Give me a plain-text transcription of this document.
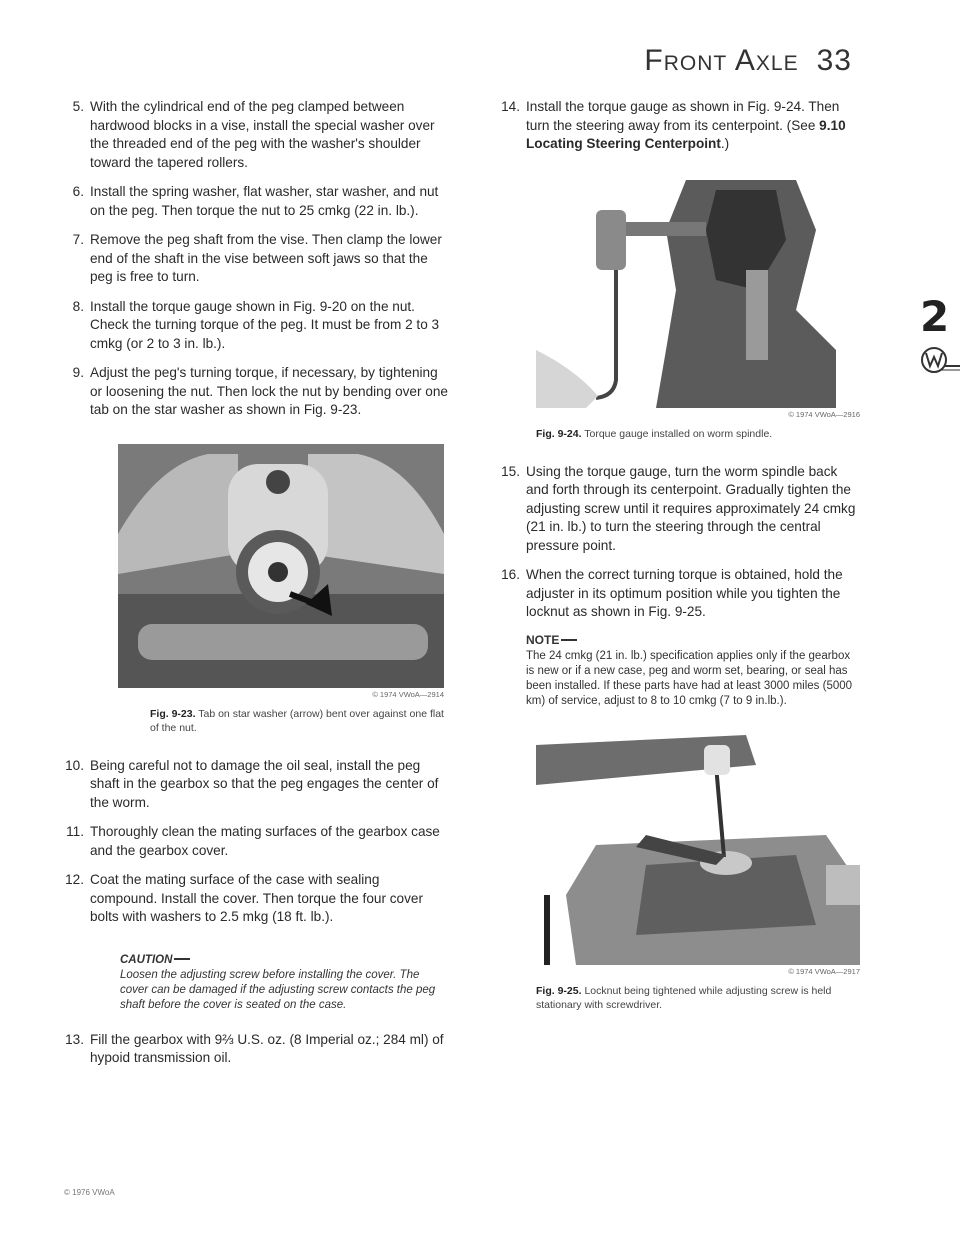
Front Axle 33
5. With the cylindrical end of the peg clamped between hardwood blocks in a vise, install the special washer over the threaded end of the peg with the washer's shoulder toward the tapered rollers.
6. Install the spring washer, flat washer, star washer, and nut on the peg. Then torque the nut to 25 cmkg (22 in. lb.).
7. Remove the peg shaft from the vise. Then clamp the lower end of the shaft in the vise between soft jaws so that the peg is free to turn.
8. Install the torque gauge shown in Fig. 9-20 on the nut. Check the turning torque of the peg. It must be from 2 to 3 cmkg (or 2 to 3 in. lb.).
9. Adjust the peg's turning torque, if necessary, by tightening or loosening the nut. Then lock the nut by bending over one tab on the star washer as shown in Fig. 9-23.
© 1974 VWoA—2914
Fig. 9-23. Tab on star washer (arrow) bent over against one flat of the nut.
10. Being careful not to damage the oil seal, install the peg shaft in the gearbox so that the peg engages the center of the worm.
11. Thoroughly clean the mating surfaces of the gearbox case and the gearbox cover.
12. Coat the mating surface of the case with sealing compound. Install the cover. Then torque the four cover bolts with washers to 2.5 mkg (18 ft. lb.).
CAUTION
Loosen the adjusting screw before installing the cover. The cover can be damaged if the adjusting screw contacts the peg shaft before the cover is seated on the case.
13. Fill the gearbox with 9⅔ U.S. oz. (8 Imperial oz.; 284 ml) of hypoid transmission oil.
14. Install the torque gauge as shown in Fig. 9-24. Then turn the steering away from its centerpoint. (See 9.10 Locating Steering Centerpoint.)
© 1974 VWoA—2916
Fig. 9-24. Torque gauge installed on worm spindle.
15. Using the torque gauge, turn the worm spindle back and forth through its centerpoint. Gradually tighten the adjusting screw until it requires approximately 24 cmkg (21 in. lb.) to turn the steering through the central pressure point.
16. When the correct turning torque is obtained, hold the adjuster in its optimum position while you tighten the locknut as shown in Fig. 9-25.
NOTE
The 24 cmkg (21 in. lb.) specification applies only if the gearbox is new or if a new case, peg and worm set, bearing, or seal has been installed. If these parts have had at least 3000 miles (5000 km) of service, adjust to 8 to 10 cmkg (7 to 9 in.lb.).
© 1974 VWoA—2917
Fig. 9-25. Locknut being tightened while adjusting screw is held stationary with screwdriver.
2
© 1976 VWoA
